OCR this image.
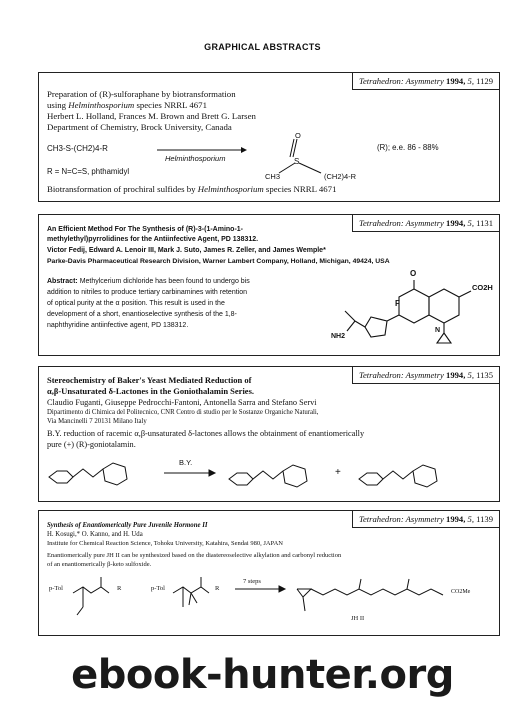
GRAPHICAL ABSTRACTS
Tetrahedron: Asymmetry 1994, 5, 1129
Preparation of (R)-sulforaphane by biotransformation
using Helminthosporium species NRRL 4671
Herbert L. Holland, Frances M. Brown and Brett G. Larsen
Department of Chemistry, Brock University, Canada
CH3-S-(CH2)4-R
Helminthosporium
O
S
CH3	(CH2)4-R
(R); e.e. 86 - 88%
R = N=C=S, phthamidyl
Biotransformation of prochiral sulfides by Helminthosporium species NRRL 4671
Tetrahedron: Asymmetry 1994, 5, 1131
An Efficient Method For The Synthesis of (R)-3-(1-Amino-1-
methylethyl)pyrrolidines for the Antiinfective Agent, PD 138312.
Victor Fedij, Edward A. Lenoir III, Mark J. Suto, James R. Zeller, and James Wemple*
Parke-Davis Pharmaceutical Research Division, Warner Lambert Company, Holland, Michigan, 49424, USA
Abstract: Methylcerium dichloride has been found to undergo bis
addition to nitriles to produce tertiary carbinamines with retention
of optical purity at the α position. This result is used in the
development of a short, enantioselective synthesis of the 1,8-
naphthyridine antiinfective agent, PD 138312.
F
O
CO2H
NH2
N
Tetrahedron: Asymmetry 1994, 5, 1135
Stereochemistry of Baker's Yeast Mediated Reduction of
α,β-Unsaturated δ-Lactones in the Goniothalamin Series.
Claudio Fuganti, Giuseppe Pedrocchi-Fantoni, Antonella Sarra and Stefano Servi
Dipartimento di Chimica del Politecnico, CNR Centro di studio per le Sostanze Organiche Naturali,
Via Mancinelli 7 20131 Milano Italy
B.Y. reduction of racemic α,β-unsaturated δ-lactones allows the obtainment of enantiomerically
pure (+) (R)-goniotalamin.
B.Y.
+
Tetrahedron: Asymmetry 1994, 5, 1139
Synthesis of Enantiomerically Pure Juvenile Hormone II
H. Kosugi,* O. Kanno, and H. Uda
Institute for Chemical Reaction Science, Tohoku University, Katahira, Sendai 980, JAPAN
Enantiomerically pure JH II can be synthesized based on the diastereoselective alkylation and carbonyl reduction
of an enantiomerically β-keto sulfoxide.
p-Tol	p-Tol
R	R
7 steps
JH II
CO2Me
ebook-hunter.org
